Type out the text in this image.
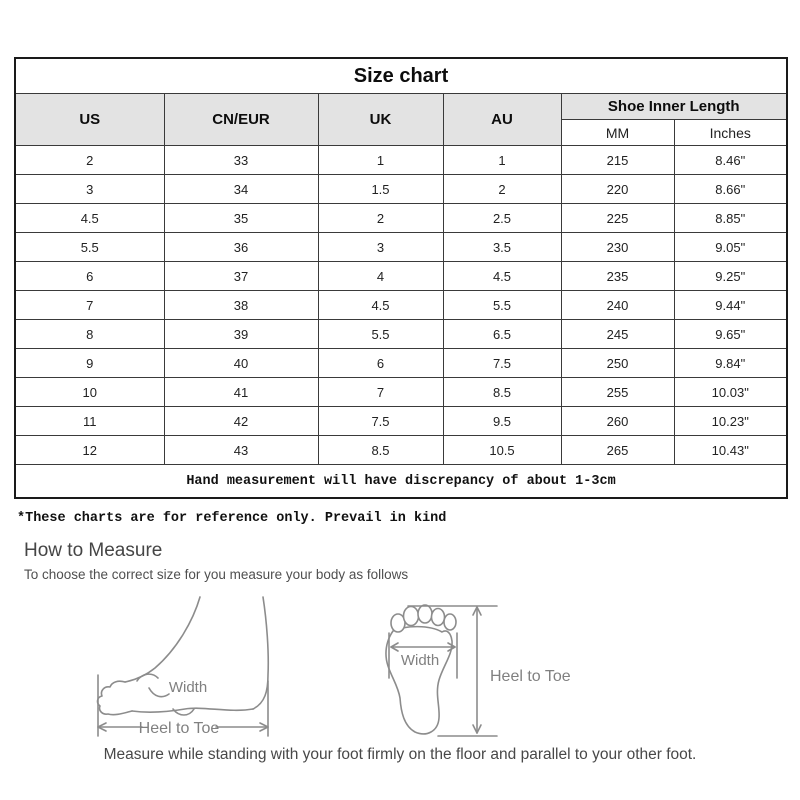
Size chart					
US	CN/EUR	UK	AU	Shoe Inner Length	
				MM	Inches
2	33	1	1	215	8.46"
3	34	1.5	2	220	8.66"
4.5	35	2	2.5	225	8.85"
5.5	36	3	3.5	230	9.05"
6	37	4	4.5	235	9.25"
7	38	4.5	5.5	240	9.44"
8	39	5.5	6.5	245	9.65"
9	40	6	7.5	250	9.84"
10	41	7	8.5	255	10.03"
11	42	7.5	9.5	260	10.23"
12	43	8.5	10.5	265	10.43"
Hand measurement will have discrepancy of about 1-3cm					
*These charts are for reference only. Prevail in kind
How to Measure
To choose the correct size for you measure your body as follows
Heel to Toe
Width
Width
Heel to Toe
Measure while standing with your foot firmly on the floor and parallel to your other foot.
